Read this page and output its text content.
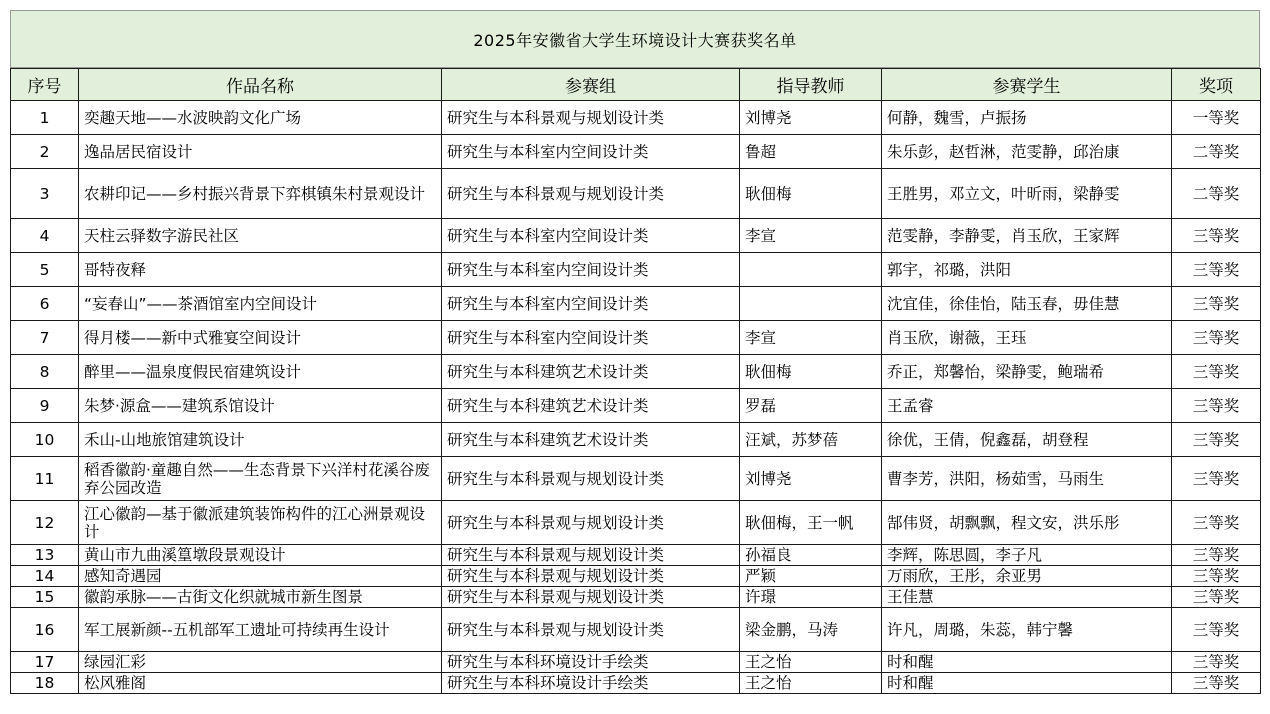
2025年安徽省大学生环境设计大赛获奖名单
序号	作品名称	参赛组	指导教师	参赛学生	奖项
1	奕趣天地——水波映韵文化广场	研究生与本科景观与规划设计类	刘博尧	何静，魏雪，卢振扬	一等奖
2	逸品居民宿设计	研究生与本科室内空间设计类	鲁超	朱乐彭，赵哲淋，范雯静，邱治康	二等奖
3	农耕印记——乡村振兴背景下弈棋镇朱村景观设计	研究生与本科景观与规划设计类	耿佃梅	王胜男，邓立文，叶昕雨，梁静雯	二等奖
4	天柱云驿数字游民社区	研究生与本科室内空间设计类	李宣	范雯静，李静雯，肖玉欣，王家辉	三等奖
5	哥特夜释	研究生与本科室内空间设计类		郭宇，祁璐，洪阳	三等奖
6	“妄春山”——茶酒馆室内空间设计	研究生与本科室内空间设计类		沈宜佳，徐佳怡，陆玉春，毋佳慧	三等奖
7	得月楼——新中式雅宴空间设计	研究生与本科室内空间设计类	李宣	肖玉欣，谢薇，王珏	三等奖
8	醉里——温泉度假民宿建筑设计	研究生与本科建筑艺术设计类	耿佃梅	乔正，郑馨怡，梁静雯，鲍瑞希	三等奖
9	朱梦·源盒——建筑系馆设计	研究生与本科建筑艺术设计类	罗磊	王孟睿	三等奖
10	禾山-山地旅馆建筑设计	研究生与本科建筑艺术设计类	汪斌，苏梦蓓	徐优，王倩，倪鑫磊，胡登程	三等奖
11	稻香徽韵·童趣自然——生态背景下兴洋村花溪谷废弃公园改造	研究生与本科景观与规划设计类	刘博尧	曹李芳，洪阳，杨茹雪，马雨生	三等奖
12	江心徽韵—基于徽派建筑装饰构件的江心洲景观设计	研究生与本科景观与规划设计类	耿佃梅，王一帆	郜伟贤，胡飘飘，程文安，洪乐彤	三等奖
13	黄山市九曲溪篁墩段景观设计	研究生与本科景观与规划设计类	孙福良	李辉，陈思圆，李子凡	三等奖
14	感知奇遇园	研究生与本科景观与规划设计类	严颖	万雨欣，王彤，余亚男	三等奖
15	徽韵承脉——古街文化织就城市新生图景	研究生与本科景观与规划设计类	许璟	王佳慧	三等奖
16	军工展新颜--五机部军工遗址可持续再生设计	研究生与本科景观与规划设计类	梁金鹏，马涛	许凡，周璐，朱蕊，韩宁馨	三等奖
17	绿园汇彩	研究生与本科环境设计手绘类	王之怡	时和醒	三等奖
18	松风雅阁	研究生与本科环境设计手绘类	王之怡	时和醒	三等奖
